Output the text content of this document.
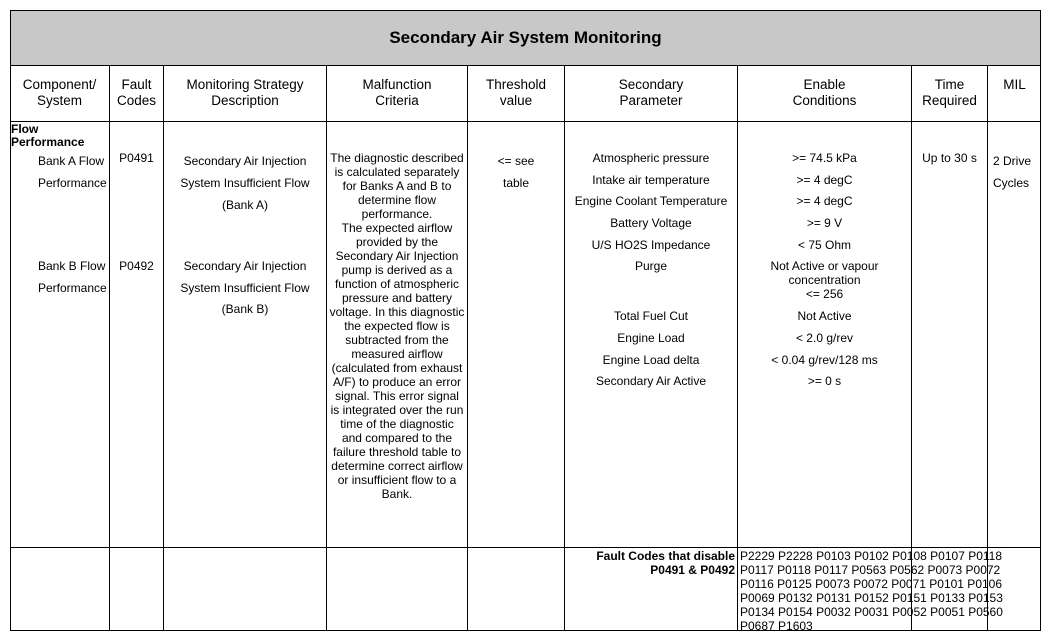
Secondary Air System Monitoring
Component/
System
Fault
Codes
Monitoring Strategy
Description
Malfunction
Criteria
Threshold
value
Secondary
Parameter
Enable
Conditions
Time
Required
MIL
Flow Performance
Bank A Flow
Performance
Bank B Flow
Performance
P0491
P0492
Secondary Air Injection
System Insufficient Flow
(Bank A)
Secondary Air Injection
System Insufficient Flow
(Bank B)
The diagnostic described
is calculated separately
for Banks A and B to
determine flow
performance.
The expected airflow
provided by the
Secondary Air Injection
pump is derived as a
function of atmospheric
pressure and battery
voltage. In this diagnostic
the expected flow is
subtracted from the
measured airflow
(calculated from exhaust
A/F) to produce an error
signal. This error signal
is integrated over the run
time of the diagnostic
and compared to the
failure threshold table to
determine correct airflow
or insufficient flow to a
Bank.
<= see
table
Atmospheric pressure
Intake air temperature
Engine Coolant Temperature
Battery Voltage
U/S HO2S Impedance
Purge
Total Fuel Cut
Engine Load
Engine Load delta
Secondary Air Active
>= 74.5 kPa
>= 4 degC
>= 4 degC
>= 9 V
< 75 Ohm
Not Active or vapour
concentration
<= 256
Not Active
< 2.0 g/rev
< 0.04 g/rev/128 ms
>= 0 s
Up to 30 s	2 Drive
Cycles
Fault Codes that disable
P0491 & P0492
P2229 P2228 P0103 P0102 P0108 P0107 P0118
P0117 P0118 P0117 P0563 P0562 P0073 P0072
P0116 P0125 P0073 P0072 P0071 P0101 P0106
P0069 P0132 P0131 P0152 P0151 P0133 P0153
P0134 P0154 P0032 P0031 P0052 P0051 P0560
P0687 P1603
